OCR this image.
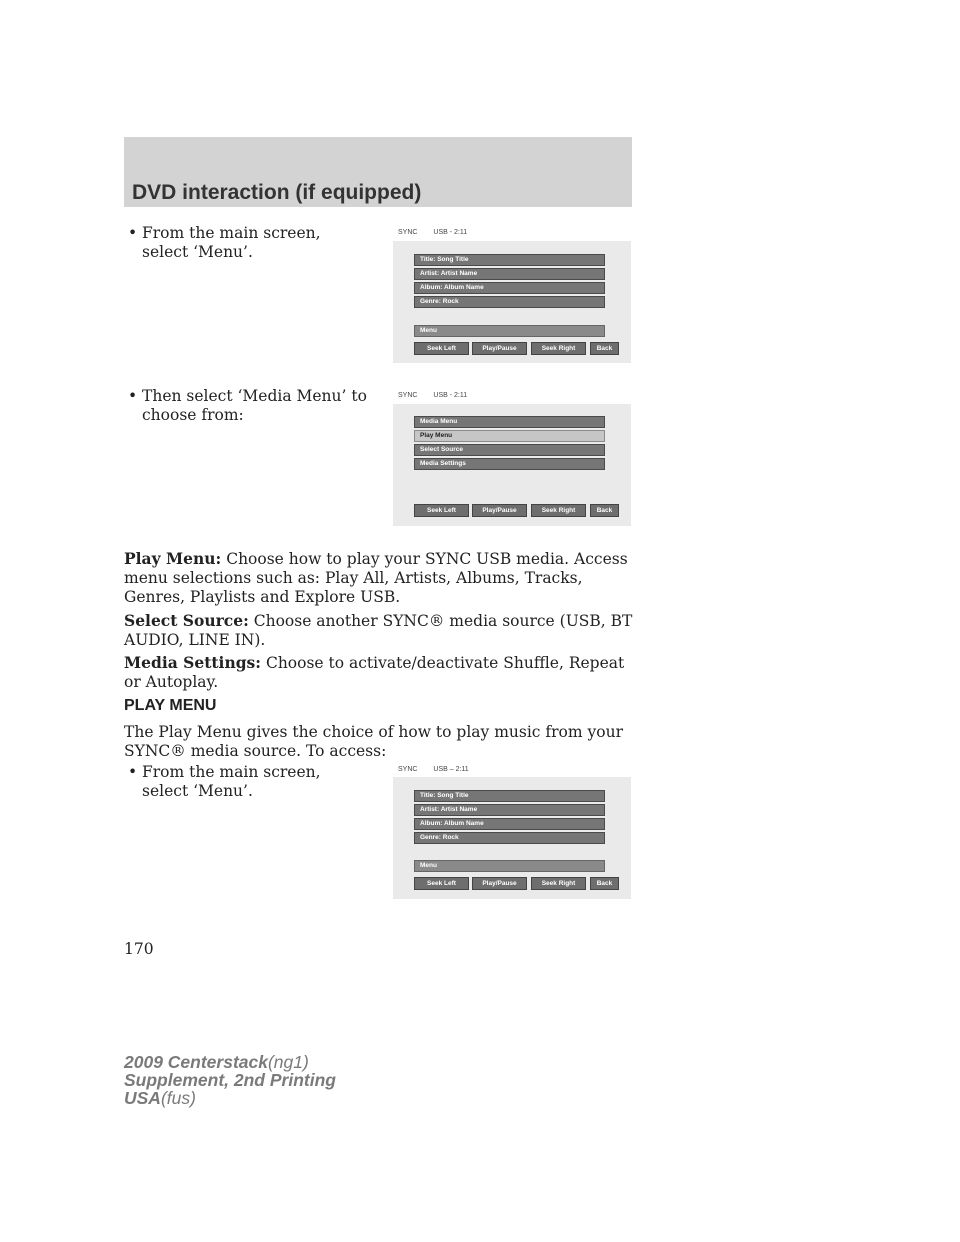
DVD interaction (if equipped)
• From the main screen, select ‘Menu’.
SYNC USB - 2:11
Title: Song Title
Artist: Artist Name
Album: Album Name
Genre: Rock
Menu
Seek Left	Play/Pause	Seek Right	Back
• Then select ‘Media Menu’ to choose from:
SYNC USB - 2:11
Media Menu
Play Menu
Select Source
Media Settings
Seek Left	Play/Pause	Seek Right	Back

Play Menu: Choose how to play your SYNC USB media. Access menu selections such as: Play All, Artists, Albums, Tracks, Genres, Playlists and Explore USB.

Select Source: Choose another SYNC® media source (USB, BT AUDIO, LINE IN).

Media Settings: Choose to activate/deactivate Shuffle, Repeat or Autoplay.

PLAY MENU

The Play Menu gives the choice of how to play music from your SYNC® media source. To access:

• From the main screen, select ‘Menu’.
SYNC USB – 2:11
Title: Song Title
Artist: Artist Name
Album: Album Name
Genre: Rock
Menu
Seek Left	Play/Pause	Seek Right	Back
170
2009 Centerstack(ng1)
Supplement, 2nd Printing
USA(fus)
